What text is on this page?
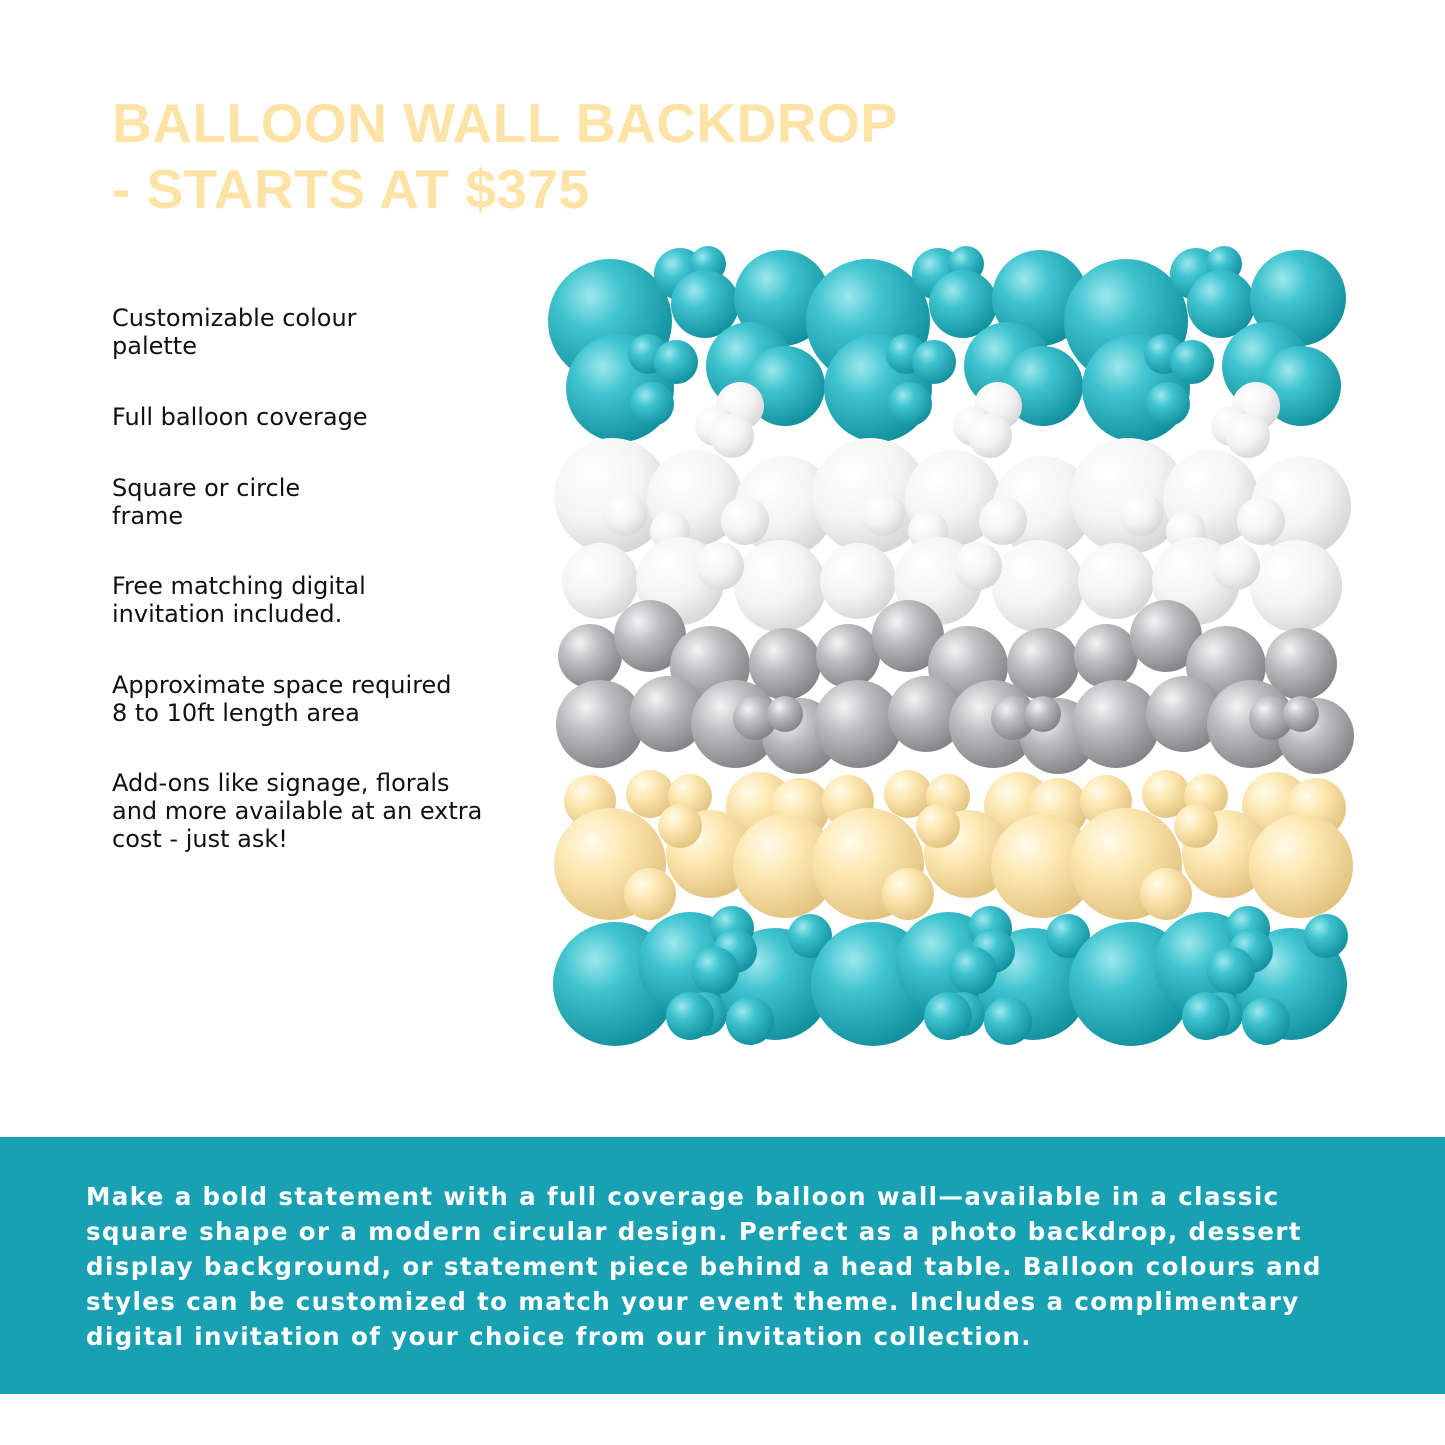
BALLOON WALL BACKDROP
- STARTS AT $375
Customizable colour
palette
Full balloon coverage
Square or circle
frame
Free matching digital
invitation included.
Approximate space required
8 to 10ft length area
Add-ons like signage, florals
and more available at an extra
cost - just ask!

Make a bold statement with a full coverage balloon wall—available in a classic
square shape or a modern circular design. Perfect as a photo backdrop, dessert
display background, or statement piece behind a head table. Balloon colours and
styles can be customized to match your event theme. Includes a complimentary
digital invitation of your choice from our invitation collection.
